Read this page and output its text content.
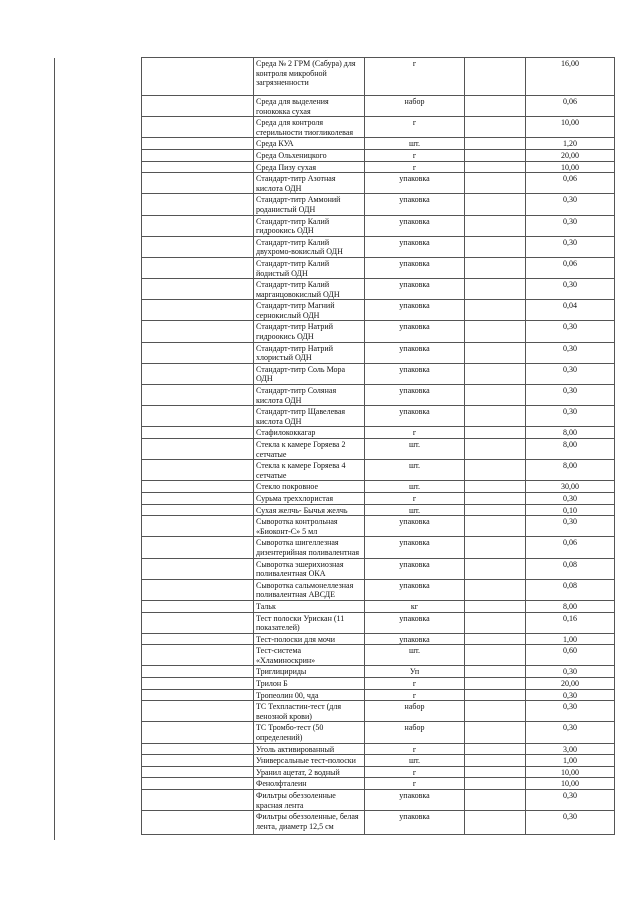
	Среда № 2 ГРМ (Сабура) для контроля микробной загрязненности	г		16,00
	Среда для выделения гонококка сухая	набор		0,06
	Среда для контроля стерильности тиогликолевая	г		10,00
	Среда КУА	шт.		1,20
	Среда Ольхеницкого	г		20,00
	Среда Пизу сухая	г		10,00
	Стандарт-титр Азотная кислота ОДН	упаковка		0,06
	Стандарт-титр Аммоний роданистый ОДН	упаковка		0,30
	Стандарт-титр Калий гидроокись ОДН	упаковка		0,30
	Стандарт-титр Калий двухромо-вокислый ОДН	упаковка		0,30
	Стандарт-титр Калий йодистый ОДН	упаковка		0,06
	Стандарт-титр Калий марганцовокислый ОДН	упаковка		0,30
	Стандарт-титр Магний сернокислый ОДН	упаковка		0,04
	Стандарт-титр Натрий гидроокись ОДН	упаковка		0,30
	Стандарт-титр Натрий хлористый ОДН	упаковка		0,30
	Стандарт-титр Соль Мора ОДН	упаковка		0,30
	Стандарт-титр Соляная кислота ОДН	упаковка		0,30
	Стандарт-титр Щавелевая кислота ОДН	упаковка		0,30
	Стафилококкагар	г		8,00
	Стекла к камере Горяева 2 сетчатые	шт.		8,00
	Стекла к камере Горяева 4 сетчатые	шт.		8,00
	Стекло покровное	шт.		30,00
	Сурьма треххлористая	г		0,30
	Сухая желчь- Бычья желчь	шт.		0,10
	Сыворотка контрольная «Биоконт-С» 5 мл	упаковка		0,30
	Сыворотка шигеллезная дизентерийная поливалентная	упаковка		0,06
	Сыворотка эшерихиозная поливалентная ОКА	упаковка		0,08
	Сыворотка сальмонеллезная поливалентная АВСДЕ	упаковка		0,08
	Тальк	кг		8,00
	Тест полоски Урискан (11 показателей)	упаковка		0,16
	Тест-полоски для мочи	упаковка		1,00
	Тест-система «Хламиноскрин»	шт.		0,60
	Триглицириды	Уп		0,30
	Трилон Б	г		20,00
	Тропеолин 00, чда	г		0,30
	ТС Техпластин-тест (для венозной крови)	набор		0,30
	ТС Тромбо-тест (50 определений)	набор		0,30
	Уголь активированный	г		3,00
	Универсальные тест-полоски	шт.		1,00
	Уранил ацетат, 2 водный	г		10,00
	Фенолфталеин	г		10,00
	Фильтры обеззоленные красная лента	упаковка		0,30
	Фильтры обеззоленные, белая лента, диаметр 12,5 см	упаковка		0,30
